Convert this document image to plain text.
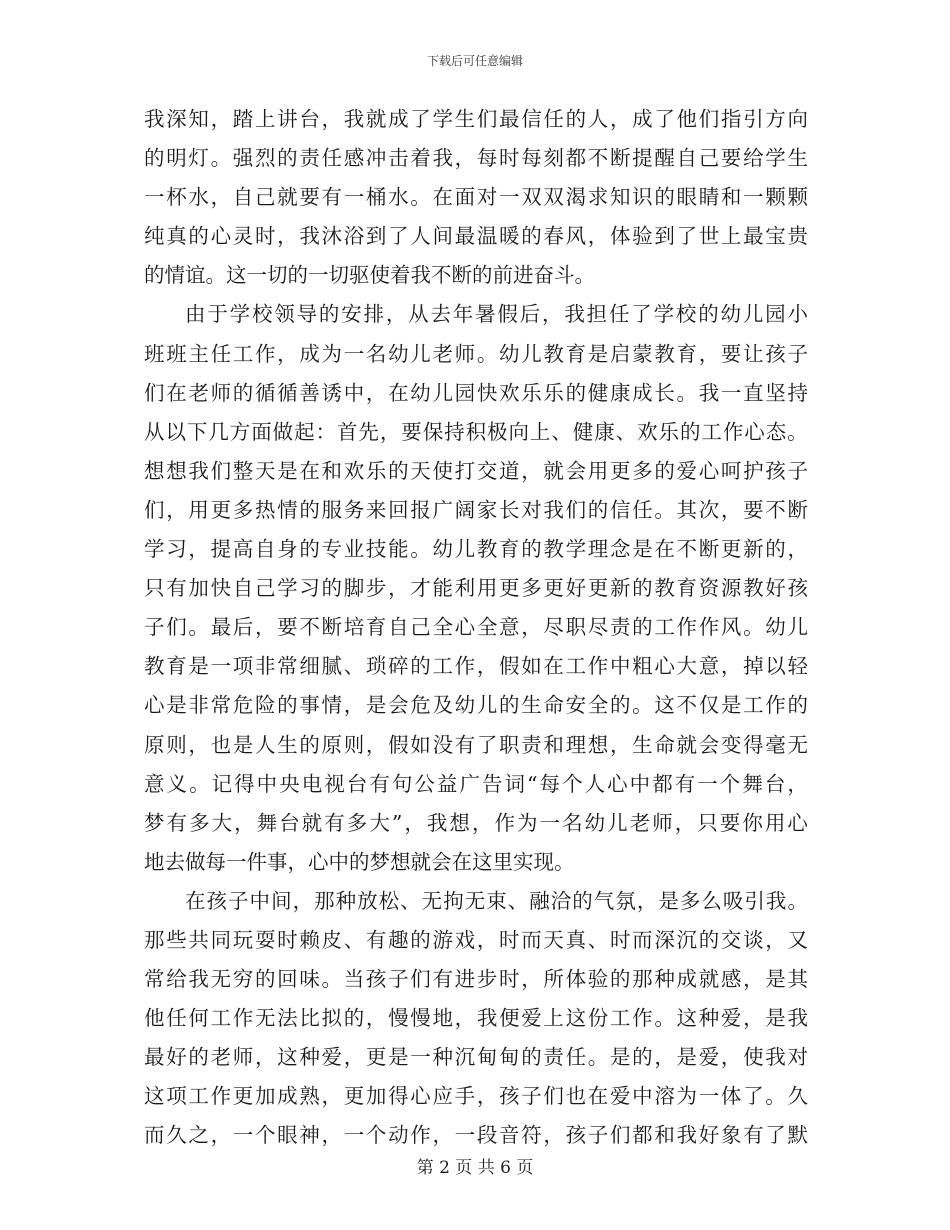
下载后可任意编辑
我 深 知 ， 踏 上 讲 台 ， 我 就 成 了 学 生 们 最 信 任 的 人 ， 成 了 他 们 指 引 方 向
的 明 灯 。 强 烈 的 责 任 感 冲 击 着 我 ， 每 时 每 刻 都 不 断 提 醒 自 己 要 给 学 生
一 杯 水 ， 自 己 就 要 有 一 桶 水 。 在 面 对 一 双 双 渴 求 知 识 的 眼 睛 和 一 颗 颗
纯 真 的 心 灵 时 ， 我 沐 浴 到 了 人 间 最 温 暖 的 春 风 ， 体 验 到 了 世 上 最 宝 贵
的情谊。这一切的一切驱使着我不断的前进奋斗。
由 于 学 校 领 导 的 安 排 ， 从 去 年 暑 假 后 ， 我 担 任 了 学 校 的 幼 儿 园 小
班 班 主 任 工 作 ， 成 为 一 名 幼 儿 老 师 。 幼 儿 教 育 是 启 蒙 教 育 ， 要 让 孩 子
们 在 老 师 的 循 循 善 诱 中 ， 在 幼 儿 园 快 欢 乐 乐 的 健 康 成 长 。 我 一 直 坚 持
从 以 下 几 方 面 做 起 ： 首 先 ， 要 保 持 积 极 向 上 、 健 康 、 欢 乐 的 工 作 心 态 。
想 想 我 们 整 天 是 在 和 欢 乐 的 天 使 打 交 道 ， 就 会 用 更 多 的 爱 心 呵 护 孩 子
们 ， 用 更 多 热 情 的 服 务 来 回 报 广 阔 家 长 对 我 们 的 信 任 。 其 次 ， 要 不 断
学 习 ， 提 高 自 身 的 专 业 技 能 。 幼 儿 教 育 的 教 学 理 念 是 在 不 断 更 新 的 ，
只 有 加 快 自 己 学 习 的 脚 步 ， 才 能 利 用 更 多 更 好 更 新 的 教 育 资 源 教 好 孩
子 们 。 最 后 ， 要 不 断 培 育 自 己 全 心 全 意 ， 尽 职 尽 责 的 工 作 作 风 。 幼 儿
教 育 是 一 项 非 常 细 腻 、 琐 碎 的 工 作 ， 假 如 在 工 作 中 粗 心 大 意 ， 掉 以 轻
心 是 非 常 危 险 的 事 情 ， 是 会 危 及 幼 儿 的 生 命 安 全 的 。 这 不 仅 是 工 作 的
原 则 ， 也 是 人 生 的 原 则 ， 假 如 没 有 了 职 责 和 理 想 ， 生 命 就 会 变 得 毫 无
意 义 。 记 得 中 央 电 视 台 有 句 公 益 广 告 词 “ 每 个 人 心 中 都 有 一 个 舞 台 ，
梦 有 多 大 ， 舞 台 就 有 多 大 ” ， 我 想 ， 作 为 一 名 幼 儿 老 师 ， 只 要 你 用 心
地去做每一件事，心中的梦想就会在这里实现。
在 孩 子 中 间 ， 那 种 放 松 、 无 拘 无 束 、 融 洽 的 气 氛 ， 是 多 么 吸 引 我 。
那 些 共 同 玩 耍 时 赖 皮 、 有 趣 的 游 戏 ， 时 而 天 真 、 时 而 深 沉 的 交 谈 ， 又
常 给 我 无 穷 的 回 味 。 当 孩 子 们 有 进 步 时 ， 所 体 验 的 那 种 成 就 感 ， 是 其
他 任 何 工 作 无 法 比 拟 的 ， 慢 慢 地 ， 我 便 爱 上 这 份 工 作 。 这 种 爱 ， 是 我
最 好 的 老 师 ， 这 种 爱 ， 更 是 一 种 沉 甸 甸 的 责 任 。 是 的 ， 是 爱 ， 使 我 对
这 项 工 作 更 加 成 熟 ， 更 加 得 心 应 手 ， 孩 子 们 也 在 爱 中 溶 为 一 体 了 。 久
而 久 之 ， 一 个 眼 神 ， 一 个 动 作 ， 一 段 音 符 ， 孩 子 们 都 和 我 好 象 有 了 默
第 2 页 共 6 页
